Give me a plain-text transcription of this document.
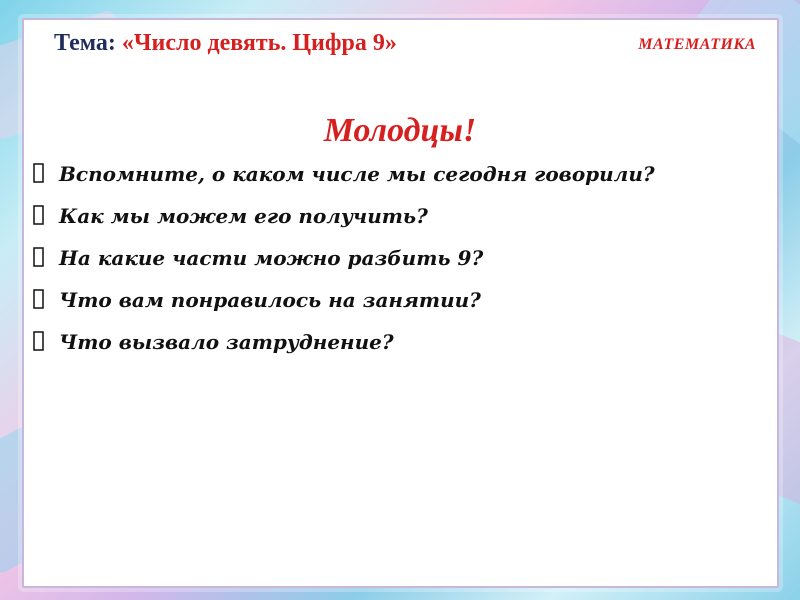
Тема: «Число девять. Цифра 9»	МАТЕМАТИКА
Молодцы!
Вспомните, о каком числе мы сегодня говорили?
Как мы можем его получить?
На какие части можно разбить 9?
Что вам понравилось на занятии?
Что вызвало затруднение?
http://edu-teacher.ru.com
